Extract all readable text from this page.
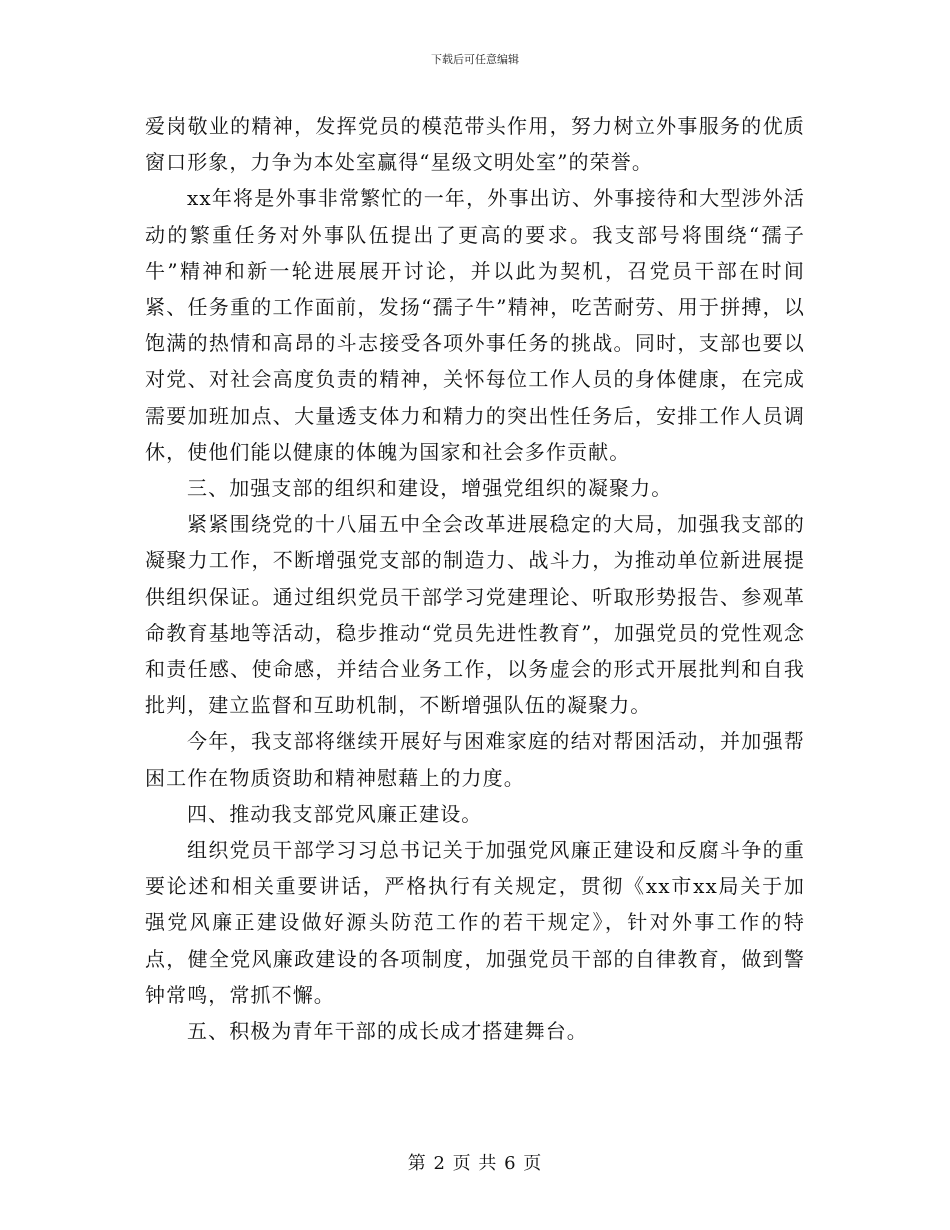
下载后可任意编辑

爱岗敬业的精神，发挥党员的模范带头作用，努力树立外事服务的优质窗口形象，力争为本处室赢得“星级文明处室”的荣誉。

xx年将是外事非常繁忙的一年，外事出访、外事接待和大型涉外活动的繁重任务对外事队伍提出了更高的要求。我支部号将围绕“孺子牛”精神和新一轮进展展开讨论，并以此为契机，召党员干部在时间紧、任务重的工作面前，发扬“孺子牛”精神，吃苦耐劳、用于拼搏，以饱满的热情和高昂的斗志接受各项外事任务的挑战。同时，支部也要以对党、对社会高度负责的精神，关怀每位工作人员的身体健康，在完成需要加班加点、大量透支体力和精力的突出性任务后，安排工作人员调休，使他们能以健康的体魄为国家和社会多作贡献。

三、加强支部的组织和建设，增强党组织的凝聚力。

紧紧围绕党的十八届五中全会改革进展稳定的大局，加强我支部的凝聚力工作，不断增强党支部的制造力、战斗力，为推动单位新进展提供组织保证。通过组织党员干部学习党建理论、听取形势报告、参观革命教育基地等活动，稳步推动“党员先进性教育”，加强党员的党性观念和责任感、使命感，并结合业务工作，以务虚会的形式开展批判和自我批判，建立监督和互助机制，不断增强队伍的凝聚力。

今年，我支部将继续开展好与困难家庭的结对帮困活动，并加强帮困工作在物质资助和精神慰藉上的力度。

四、推动我支部党风廉正建设。

组织党员干部学习习总书记关于加强党风廉正建设和反腐斗争的重要论述和相关重要讲话，严格执行有关规定，贯彻《xx市xx局关于加强党风廉正建设做好源头防范工作的若干规定》，针对外事工作的特点，健全党风廉政建设的各项制度，加强党员干部的自律教育，做到警钟常鸣，常抓不懈。

五、积极为青年干部的成长成才搭建舞台。

第 2 页 共 6 页
